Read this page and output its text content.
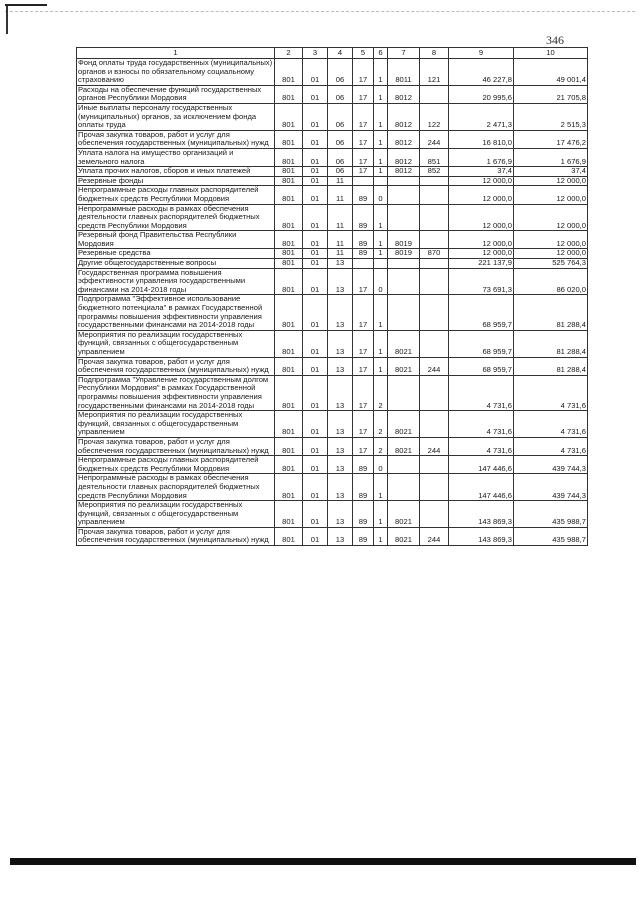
346
1	2	3	4	5	6	7	8	9	10
Фонд оплаты труда государственных (муниципальных) органов и взносы по обязательному социальному страхованию	801	01	06	17	1	8011	121	46 227,8	49 001,4
Расходы на обеспечение функций государственных органов Республики Мордовия	801	01	06	17	1	8012		20 995,6	21 705,8
Иные выплаты персоналу государственных (муниципальных) органов, за исключением фонда оплаты труда	801	01	06	17	1	8012	122	2 471,3	2 515,3
Прочая закупка товаров, работ и услуг для обеспечения государственных (муниципальных) нужд	801	01	06	17	1	8012	244	16 810,0	17 476,2
Уплата налога на имущество организаций и земельного налога	801	01	06	17	1	8012	851	1 676,9	1 676,9
Уплата прочих налогов, сборов и иных платежей	801	01	06	17	1	8012	852	37,4	37,4
Резервные фонды	801	01	11					12 000,0	12 000,0
Непрограммные расходы главных распорядителей бюджетных средств Республики Мордовия	801	01	11	89	0			12 000,0	12 000,0
Непрограммные расходы в рамках обеспечения деятельности главных распорядителей бюджетных средств Республики Мордовия	801	01	11	89	1			12 000,0	12 000,0
Резервный фонд Правительства Республики Мордовия	801	01	11	89	1	8019		12 000,0	12 000,0
Резервные средства	801	01	11	89	1	8019	870	12 000,0	12 000,0
Другие общегосударственные вопросы	801	01	13					221 137,9	525 764,3
Государственная программа повышения эффективности управления государственными финансами на 2014-2018 годы	801	01	13	17	0			73 691,3	86 020,0
Подпрограмма "Эффективное использование бюджетного потенциала" в рамках Государственной программы повышения эффективности управления государственными финансами на 2014-2018 годы	801	01	13	17	1			68 959,7	81 288,4
Мероприятия по реализации государственных функций, связанных с общегосударственным управлением	801	01	13	17	1	8021		68 959,7	81 288,4
Прочая закупка товаров, работ и услуг для обеспечения государственных (муниципальных) нужд	801	01	13	17	1	8021	244	68 959,7	81 288,4
Подпрограмма "Управление государственным долгом Республики Мордовия" в рамках Государственной программы повышения эффективности управления государственными финансами на 2014-2018 годы	801	01	13	17	2			4 731,6	4 731,6
Мероприятия по реализации государственных функций, связанных с общегосударственным управлением	801	01	13	17	2	8021		4 731,6	4 731,6
Прочая закупка товаров, работ и услуг для обеспечения государственных (муниципальных) нужд	801	01	13	17	2	8021	244	4 731,6	4 731,6
Непрограммные расходы главных распорядителей бюджетных средств Республики Мордовия	801	01	13	89	0			147 446,6	439 744,3
Непрограммные расходы в рамках обеспечения деятельности главных распорядителей бюджетных средств Республики Мордовия	801	01	13	89	1			147 446,6	439 744,3
Мероприятия по реализации государственных функций, связанных с общегосударственным управлением	801	01	13	89	1	8021		143 869,3	435 988,7
Прочая закупка товаров, работ и услуг для обеспечения государственных (муниципальных) нужд	801	01	13	89	1	8021	244	143 869,3	435 988,7
